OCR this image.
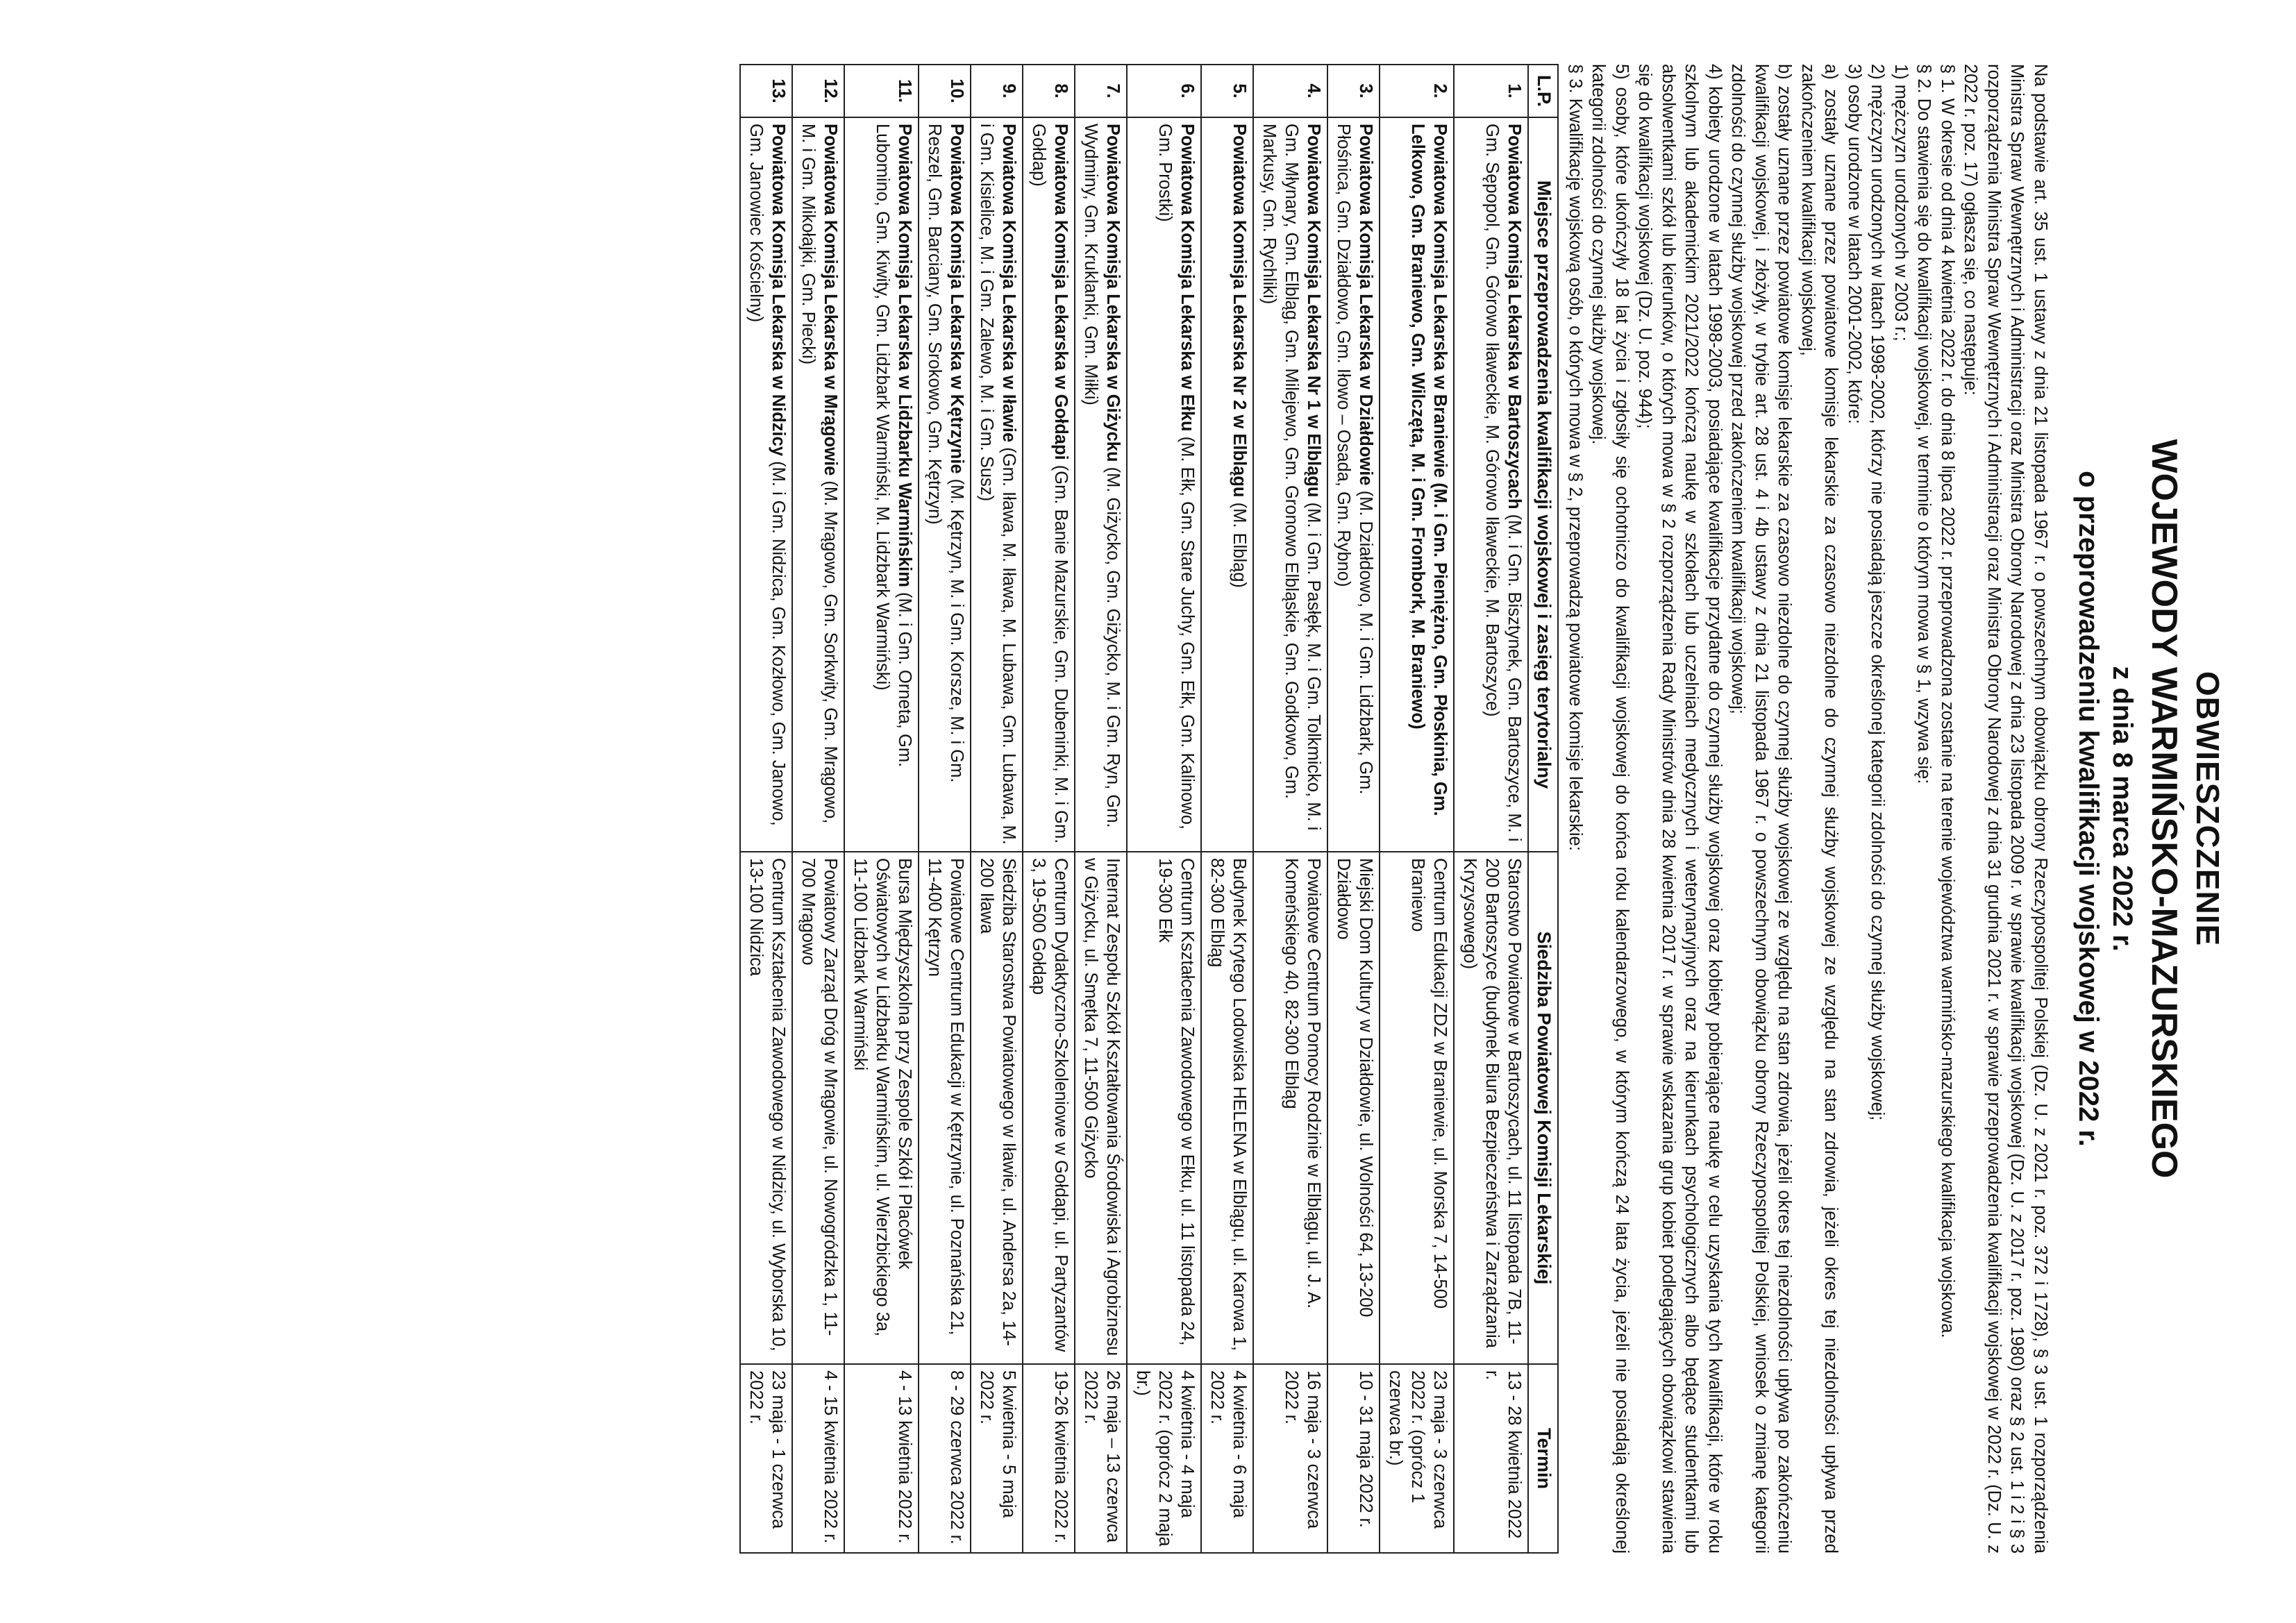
OBWIESZCZENIE
WOJEWODY WARMIŃSKO-MAZURSKIEGO
z dnia 8 marca 2022 r.
o przeprowadzeniu kwalifikacji wojskowej w 2022 r.

Na podstawie art. 35 ust. 1 ustawy z dnia 21 listopada 1967 r. o powszechnym obowiązku obrony Rzeczypospolitej Polskiej (Dz. U. z 2021 r. poz. 372 i 1728), § 3 ust. 1 rozporządzenia Ministra Spraw Wewnętrznych i Administracji oraz Ministra Obrony Narodowej z dnia 23 listopada 2009 r. w sprawie kwalifikacji wojskowej (Dz. U. z 2017 r. poz. 1980) oraz § 2 ust. 1 i 2 i § 3 rozporządzenia Ministra Spraw Wewnętrznych i Administracji oraz Ministra Obrony Narodowej z dnia 31 grudnia 2021 r. w sprawie przeprowadzenia kwalifikacji wojskowej w 2022 r. (Dz. U. z 2022 r. poz. 17) ogłasza się, co następuje:

§ 1. W okresie od dnia 4 kwietnia 2022 r. do dnia 8 lipca 2022 r. przeprowadzona zostanie na terenie województwa warmińsko-mazurskiego kwalifikacja wojskowa.

§ 2. Do stawienia się do kwalifikacji wojskowej, w terminie o którym mowa w § 1, wzywa się:

1) mężczyzn urodzonych w 2003 r.;

2) mężczyzn urodzonych w latach 1998-2002, którzy nie posiadają jeszcze określonej kategorii zdolności do czynnej służby wojskowej;

3) osoby urodzone w latach 2001-2002, które:

a) zostały uznane przez powiatowe komisje lekarskie za czasowo niezdolne do czynnej służby wojskowej ze względu na stan zdrowia, jeżeli okres tej niezdolności upływa przed zakończeniem kwalifikacji wojskowej,

b) zostały uznane przez powiatowe komisje lekarskie za czasowo niezdolne do czynnej służby wojskowej ze względu na stan zdrowia, jeżeli okres tej niezdolności upływa po zakończeniu kwalifikacji wojskowej, i złożyły, w trybie art. 28 ust. 4 i 4b ustawy z dnia 21 listopada 1967 r. o powszechnym obowiązku obrony Rzeczypospolitej Polskiej, wniosek o zmianę kategorii zdolności do czynnej służby wojskowej przed zakończeniem kwalifikacji wojskowej;

4) kobiety urodzone w latach 1998-2003, posiadające kwalifikacje przydatne do czynnej służby wojskowej oraz kobiety pobierające naukę w celu uzyskania tych kwalifikacji, które w roku szkolnym lub akademickim 2021/2022 kończą naukę w szkołach lub uczelniach medycznych i weterynaryjnych oraz na kierunkach psychologicznych albo będące studentkami lub absolwentkami szkół lub kierunków, o których mowa w § 2 rozporządzenia Rady Ministrów dnia 28 kwietnia 2017 r. w sprawie wskazania grup kobiet podlegających obowiązkowi stawienia się do kwalifikacji wojskowej (Dz. U. poz. 944);

5) osoby, które ukończyły 18 lat życia i zgłosiły się ochotniczo do kwalifikacji wojskowej do końca roku kalendarzowego, w którym kończą 24 lata życia, jeżeli nie posiadają określonej kategorii zdolności do czynnej służby wojskowej.

§ 3. Kwalifikację wojskową osób, o których mowa w § 2, przeprowadzą powiatowe komisje lekarskie:

L.P.	Miejsce przeprowadzenia kwalifikacji wojskowej i zasięg terytorialny	Siedziba Powiatowej Komisji Lekarskiej	Termin
1.	Powiatowa Komisja Lekarska w Bartoszycach (M. i Gm. Bisztynek, Gm. Bartoszyce, M. i Gm. Sępopol, Gm. Górowo Iławeckie, M. Górowo Iławeckie, M. Bartoszyce)	Starostwo Powiatowe w Bartoszycach, ul. 11 listopada 7B, 11-200 Bartoszyce (budynek Biura Bezpieczeństwa i Zarządzania Kryzysowego)	13 - 28 kwietnia 2022 r.
2.	Powiatowa Komisja Lekarska w Braniewie (M. i Gm. Pieniężno, Gm. Płoskinia, Gm. Lelkowo, Gm. Braniewo, Gm. Wilczęta, M. i Gm. Frombork, M. Braniewo)	Centrum Edukacji ZDZ w Braniewie, ul. Morska 7, 14-500 Braniewo	23 maja - 3 czerwca 2022 r. (oprócz 1 czerwca br.)
3.	Powiatowa Komisja Lekarska w Działdowie (M. Działdowo, M. i Gm. Lidzbark, Gm. Płośnica, Gm. Działdowo, Gm. Iłowo – Osada, Gm. Rybno)	Miejski Dom Kultury w Działdowie, ul. Wolności 64, 13-200 Działdowo	10 - 31 maja 2022 r.
4.	Powiatowa Komisja Lekarska Nr 1 w Elblągu (M. i Gm. Pasłęk, M. i Gm. Tolkmicko, M. i Gm. Młynary, Gm. Elbląg, Gm. Milejewo, Gm. Gronowo Elbląskie, Gm. Godkowo, Gm. Markusy, Gm. Rychliki)	Powiatowe Centrum Pomocy Rodzinie w Elblągu, ul. J. A. Komeńskiego 40, 82-300 Elbląg	16 maja - 3 czerwca 2022 r.
5.	Powiatowa Komisja Lekarska Nr 2 w Elblągu (M. Elbląg)	Budynek Krytego Lodowiska HELENA w Elblągu, ul. Karowa 1, 82-300 Elbląg	4 kwietnia - 6 maja 2022 r.
6.	Powiatowa Komisja Lekarska w Ełku (M. Ełk, Gm. Stare Juchy, Gm. Ełk, Gm. Kalinowo, Gm. Prostki)	Centrum Kształcenia Zawodowego w Ełku, ul. 11 listopada 24, 19-300 Ełk	4 kwietnia - 4 maja 2022 r. (oprócz 2 maja br.)
7.	Powiatowa Komisja Lekarska w Giżycku (M. Giżycko, Gm. Giżycko, M. i Gm. Ryn, Gm. Wydminy, Gm. Kruklanki, Gm. Miłki)	Internat Zespołu Szkół Kształtowania Środowiska i Agrobiznesu w Giżycku, ul. Smętka 7, 11-500 Giżycko	26 maja – 13 czerwca 2022 r.
8.	Powiatowa Komisja Lekarska w Gołdapi (Gm. Banie Mazurskie, Gm. Dubeninki, M. i Gm. Gołdap)	Centrum Dydaktyczno-Szkoleniowe w Gołdapi, ul. Partyzantów 3, 19-500 Gołdap	19-26 kwietnia 2022 r.
9.	Powiatowa Komisja Lekarska w Iławie (Gm. Iława, M. Iława, M. Lubawa, Gm. Lubawa, M. i Gm. Kisielice, M. i Gm. Zalewo, M. i Gm. Susz)	Siedziba Starostwa Powiatowego w Iławie, ul. Andersa 2a, 14-200 Iława	5 kwietnia - 5 maja 2022 r.
10.	Powiatowa Komisja Lekarska w Kętrzynie (M. Kętrzyn, M. i Gm. Korsze, M. i Gm. Reszel, Gm. Barciany, Gm. Srokowo, Gm. Kętrzyn)	Powiatowe Centrum Edukacji w Kętrzynie, ul. Poznańska 21, 11-400 Kętrzyn	8 - 29 czerwca 2022 r.
11.	Powiatowa Komisja Lekarska w Lidzbarku Warmińskim (M. i Gm. Orneta, Gm. Lubomino, Gm. Kiwity, Gm. Lidzbark Warmiński, M. Lidzbark Warmiński)	Bursa Międzyszkolna przy Zespole Szkół i Placówek Oświatowych w Lidzbarku Warmińskim, ul. Wierzbickiego 3a, 11-100 Lidzbark Warmiński	4 - 13 kwietnia 2022 r.
12.	Powiatowa Komisja Lekarska w Mrągowie (M. Mrągowo, Gm. Sorkwity, Gm. Mrągowo, M. i Gm. Mikołajki, Gm. Piecki)	Powiatowy Zarząd Dróg w Mrągowie, ul. Nowogródzka 1, 11-700 Mrągowo	4 - 15 kwietnia 2022 r.
13.	Powiatowa Komisja Lekarska w Nidzicy (M. i Gm. Nidzica, Gm. Kozłowo, Gm. Janowo, Gm. Janowiec Kościelny)	Centrum Kształcenia Zawodowego w Nidzicy, ul. Wyborska 10, 13-100 Nidzica	23 maja - 1 czerwca 2022 r.
